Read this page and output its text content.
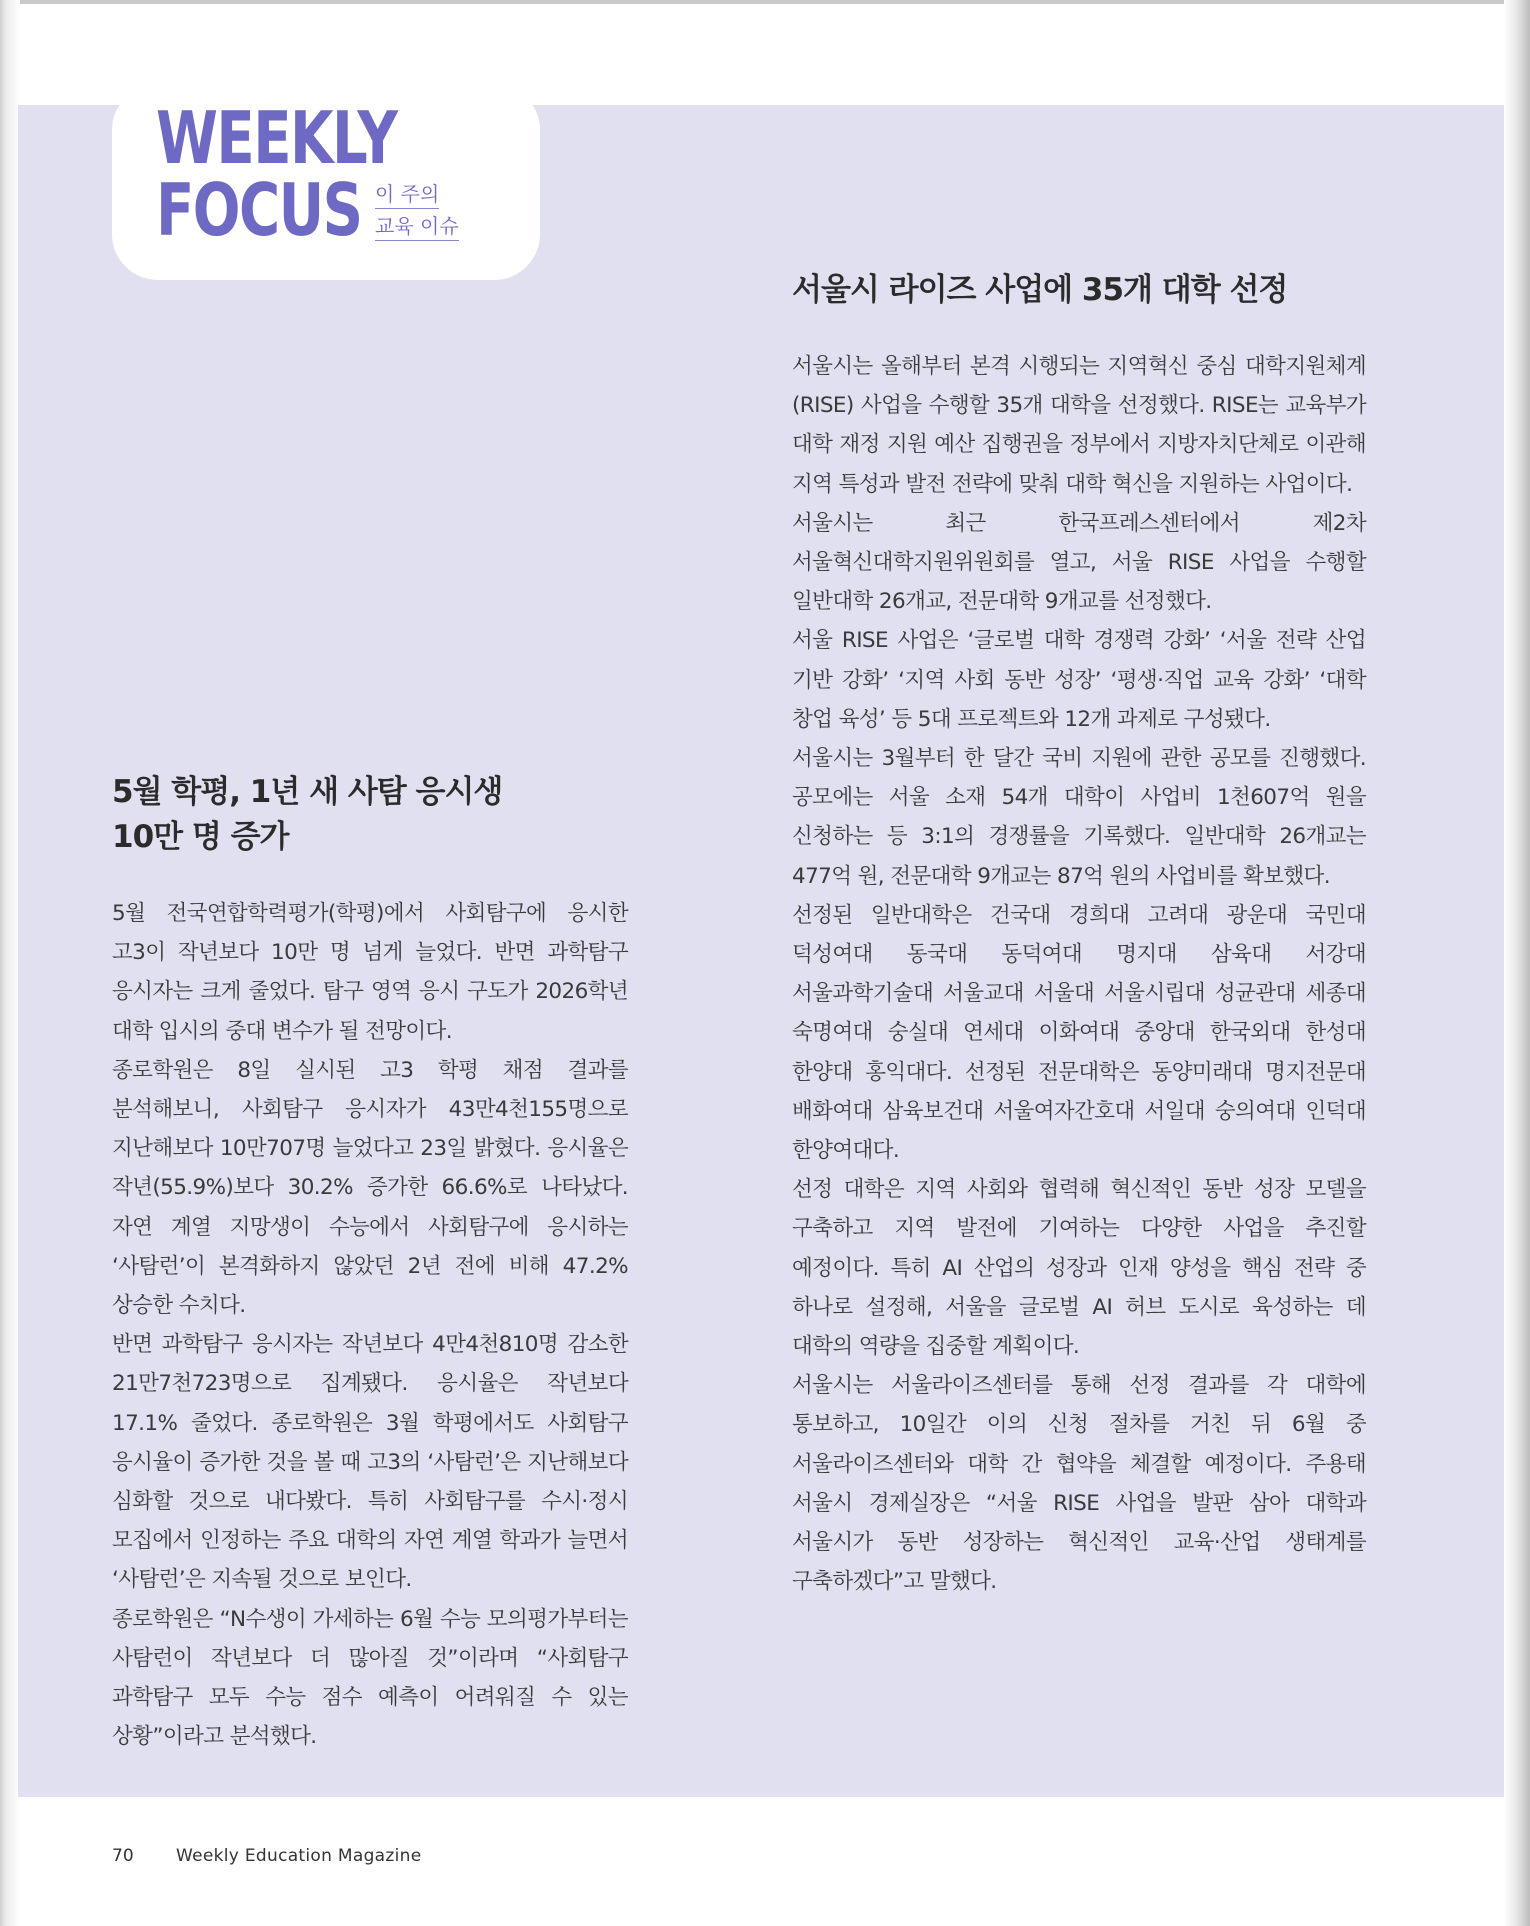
WEEKLY
FOCUS 이 주의
교육 이슈
5월 학평, 1년 새 사탐 응시생
10만 명 증가

5월 전국연합학력평가(학평)에서 사회탐구에 응시한 고3이 작년보다 10만 명 넘게 늘었다. 반면 과학탐구 응시자는 크게 줄었다. 탐구 영역 응시 구도가 2026학년 대학 입시의 중대 변수가 될 전망이다.

종로학원은 8일 실시된 고3 학평 채점 결과를 분석해보니, 사회탐구 응시자가 43만4천155명으로 지난해보다 10만707명 늘었다고 23일 밝혔다. 응시율은 작년(55.9%)보다 30.2% 증가한 66.6%로 나타났다. 자연 계열 지망생이 수능에서 사회탐구에 응시하는 ‘사탐런’이 본격화하지 않았던 2년 전에 비해 47.2% 상승한 수치다.

반면 과학탐구 응시자는 작년보다 4만4천810명 감소한 21만7천723명으로 집계됐다. 응시율은 작년보다 17.1% 줄었다. 종로학원은 3월 학평에서도 사회탐구 응시율이 증가한 것을 볼 때 고3의 ‘사탐런’은 지난해보다 심화할 것으로 내다봤다. 특히 사회탐구를 수시·정시 모집에서 인정하는 주요 대학의 자연 계열 학과가 늘면서 ‘사탐런’은 지속될 것으로 보인다.

종로학원은 “N수생이 가세하는 6월 수능 모의평가부터는 사탐런이 작년보다 더 많아질 것”이라며 “사회탐구 과학탐구 모두 수능 점수 예측이 어려워질 수 있는 상황”이라고 분석했다.

서울시 라이즈 사업에 35개 대학 선정

서울시는 올해부터 본격 시행되는 지역혁신 중심 대학지원체계(RISE) 사업을 수행할 35개 대학을 선정했다. RISE는 교육부가 대학 재정 지원 예산 집행권을 정부에서 지방자치단체로 이관해 지역 특성과 발전 전략에 맞춰 대학 혁신을 지원하는 사업이다.

서울시는 최근 한국프레스센터에서 제2차 서울혁신대학지원위원회를 열고, 서울 RISE 사업을 수행할 일반대학 26개교, 전문대학 9개교를 선정했다.

서울 RISE 사업은 ‘글로벌 대학 경쟁력 강화’ ‘서울 전략 산업 기반 강화’ ‘지역 사회 동반 성장’ ‘평생·직업 교육 강화’ ‘대학 창업 육성’ 등 5대 프로젝트와 12개 과제로 구성됐다.

서울시는 3월부터 한 달간 국비 지원에 관한 공모를 진행했다. 공모에는 서울 소재 54개 대학이 사업비 1천607억 원을 신청하는 등 3:1의 경쟁률을 기록했다. 일반대학 26개교는 477억 원, 전문대학 9개교는 87억 원의 사업비를 확보했다.

선정된 일반대학은 건국대 경희대 고려대 광운대 국민대 덕성여대 동국대 동덕여대 명지대 삼육대 서강대 서울과학기술대 서울교대 서울대 서울시립대 성균관대 세종대 숙명여대 숭실대 연세대 이화여대 중앙대 한국외대 한성대 한양대 홍익대다. 선정된 전문대학은 동양미래대 명지전문대 배화여대 삼육보건대 서울여자간호대 서일대 숭의여대 인덕대 한양여대다.

선정 대학은 지역 사회와 협력해 혁신적인 동반 성장 모델을 구축하고 지역 발전에 기여하는 다양한 사업을 추진할 예정이다. 특히 AI 산업의 성장과 인재 양성을 핵심 전략 중 하나로 설정해, 서울을 글로벌 AI 허브 도시로 육성하는 데 대학의 역량을 집중할 계획이다.

서울시는 서울라이즈센터를 통해 선정 결과를 각 대학에 통보하고, 10일간 이의 신청 절차를 거친 뒤 6월 중 서울라이즈센터와 대학 간 협약을 체결할 예정이다. 주용태 서울시 경제실장은 “서울 RISE 사업을 발판 삼아 대학과 서울시가 동반 성장하는 혁신적인 교육·산업 생태계를 구축하겠다”고 말했다.

70 Weekly Education Magazine
